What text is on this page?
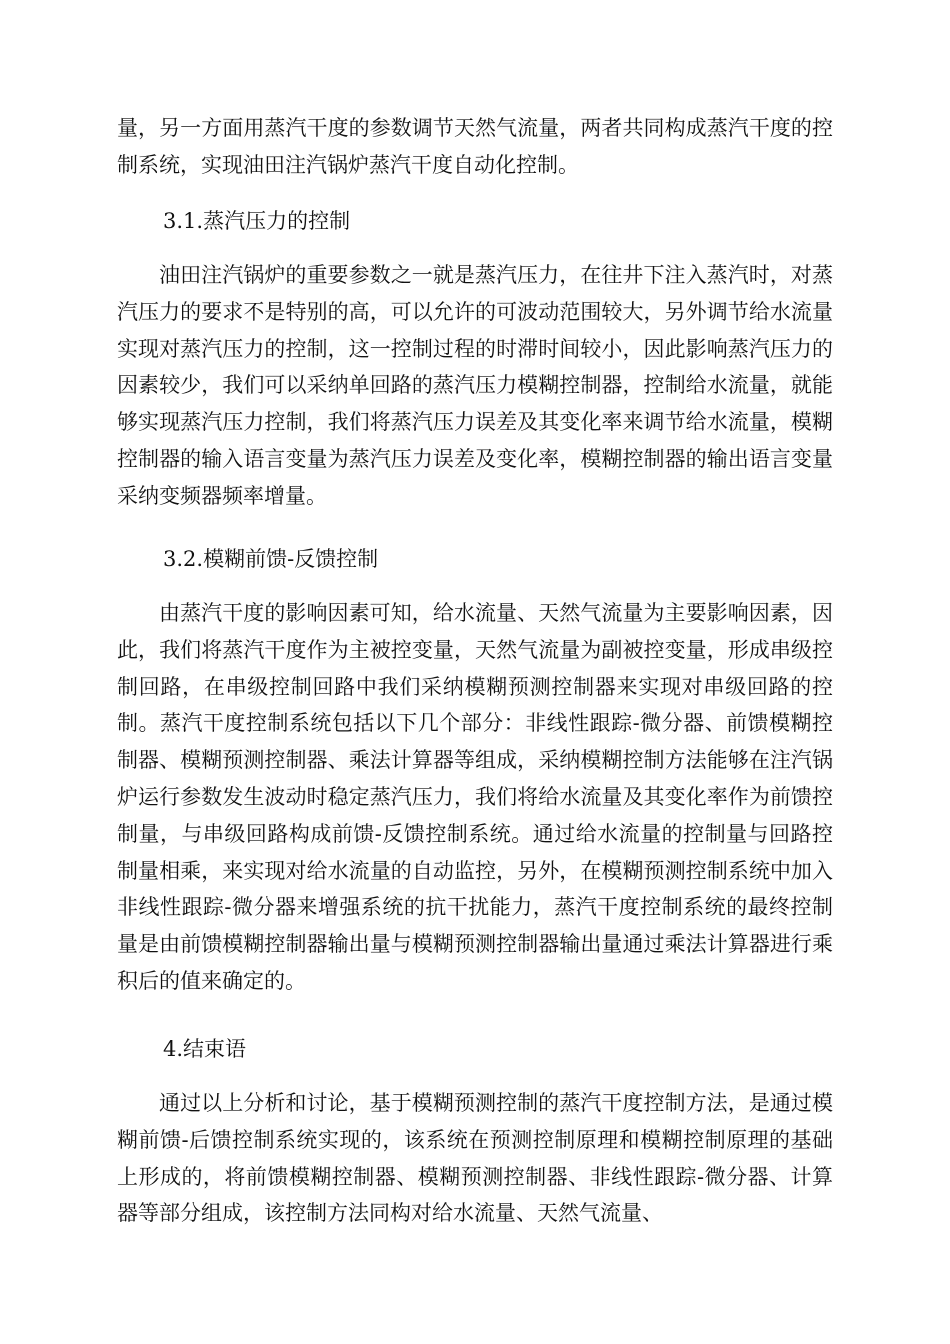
量，另一方面用蒸汽干度的参数调节天然气流量，两者共同构成蒸汽干度的控制系统，实现油田注汽锅炉蒸汽干度自动化控制。

3.1.蒸汽压力的控制

油田注汽锅炉的重要参数之一就是蒸汽压力，在往井下注入蒸汽时，对蒸汽压力的要求不是特别的高，可以允许的可波动范围较大，另外调节给水流量实现对蒸汽压力的控制，这一控制过程的时滞时间较小，因此影响蒸汽压力的因素较少，我们可以采纳单回路的蒸汽压力模糊控制器，控制给水流量，就能够实现蒸汽压力控制，我们将蒸汽压力误差及其变化率来调节给水流量，模糊控制器的输入语言变量为蒸汽压力误差及变化率，模糊控制器的输出语言变量采纳变频器频率增量。

3.2.模糊前馈-反馈控制

由蒸汽干度的影响因素可知，给水流量、天然气流量为主要影响因素，因此，我们将蒸汽干度作为主被控变量，天然气流量为副被控变量，形成串级控制回路，在串级控制回路中我们采纳模糊预测控制器来实现对串级回路的控制。蒸汽干度控制系统包括以下几个部分：非线性跟踪-微分器、前馈模糊控制器、模糊预测控制器、乘法计算器等组成，采纳模糊控制方法能够在注汽锅炉运行参数发生波动时稳定蒸汽压力，我们将给水流量及其变化率作为前馈控制量，与串级回路构成前馈-反馈控制系统。通过给水流量的控制量与回路控制量相乘，来实现对给水流量的自动监控，另外，在模糊预测控制系统中加入非线性跟踪-微分器来增强系统的抗干扰能力，蒸汽干度控制系统的最终控制量是由前馈模糊控制器输出量与模糊预测控制器输出量通过乘法计算器进行乘积后的值来确定的。

4.结束语

通过以上分析和讨论，基于模糊预测控制的蒸汽干度控制方法，是通过模糊前馈-后馈控制系统实现的，该系统在预测控制原理和模糊控制原理的基础上形成的，将前馈模糊控制器、模糊预测控制器、非线性跟踪-微分器、计算器等部分组成，该控制方法同构对给水流量、天然气流量、
